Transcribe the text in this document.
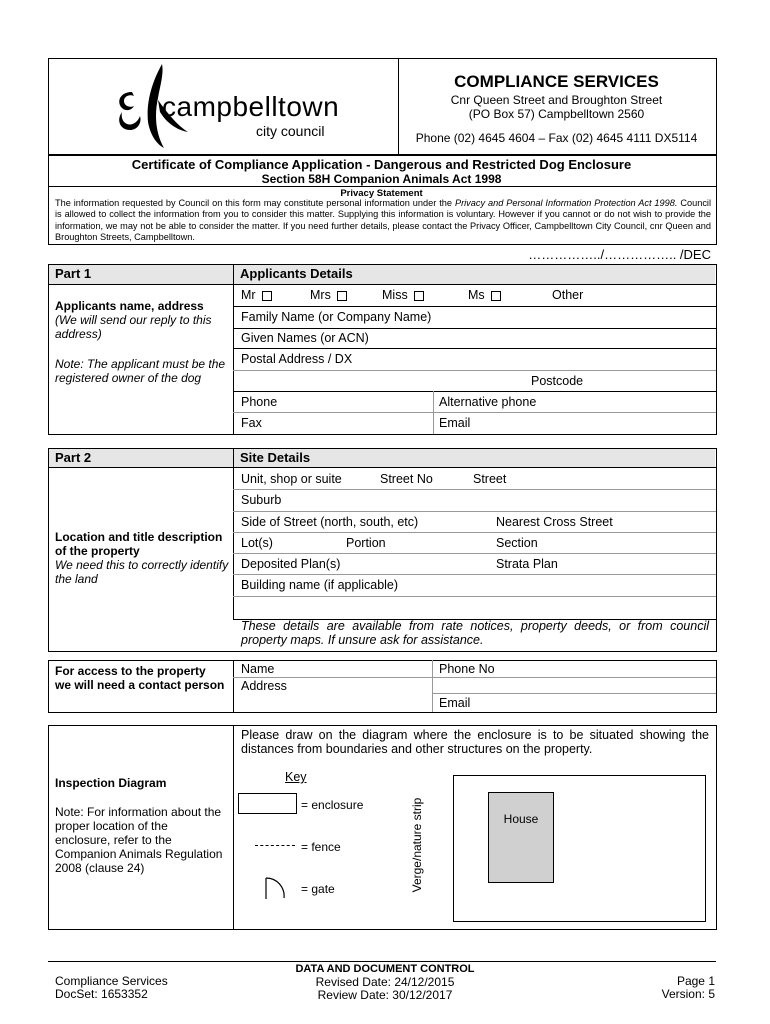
campbelltown
city council
COMPLIANCE SERVICES
Cnr Queen Street and Broughton Street
(PO Box 57) Campbelltown 2560
Phone (02) 4645 4604 – Fax (02) 4645 4111 DX5114
Certificate of Compliance Application - Dangerous and Restricted Dog Enclosure
Section 58H Companion Animals Act 1998
Privacy Statement
The information requested by Council on this form may constitute personal information under the Privacy and Personal Information Protection Act 1998. Council is allowed to collect the information from you to consider this matter. Supplying this information is voluntary. However if you cannot or do not wish to provide the information, we may not be able to consider the matter. If you need further details, please contact the Privacy Officer, Campbelltown City Council, cnr Queen and Broughton Streets, Campbelltown.
……………../…………….. /DEC
Part 1	Applicants Details
Applicants name, address
(We will send our reply to this address)
Note: The applicant must be the registered owner of the dog
Mr	Mrs	Miss	Ms	Other
Family Name (or Company Name)
Given Names (or ACN)
Postal Address / DX
Postcode
Phone	Alternative phone
Fax	Email
Part 2	Site Details
Location and title description of the property
We need this to correctly identify the land
Unit, shop or suite	Street No	Street
Suburb
Side of Street (north, south, etc)	Nearest Cross Street
Lot(s)	Portion	Section
Deposited Plan(s)	Strata Plan
Building name (if applicable)
These details are available from rate notices, property deeds, or from council property maps. If unsure ask for assistance.
For access to the property we will need a contact person
Name	Phone No
Address
Email
Please draw on the diagram where the enclosure is to be situated showing the distances from boundaries and other structures on the property.
Inspection Diagram
Note: For information about the proper location of the enclosure, refer to the Companion Animals Regulation 2008 (clause 24)
Key
= enclosure
= fence
= gate	Verge/nature strip	House
Compliance Services
DocSet: 1653352
DATA AND DOCUMENT CONTROL
Revised Date: 24/12/2015
Review Date: 30/12/2017
Page 1
Version: 5
